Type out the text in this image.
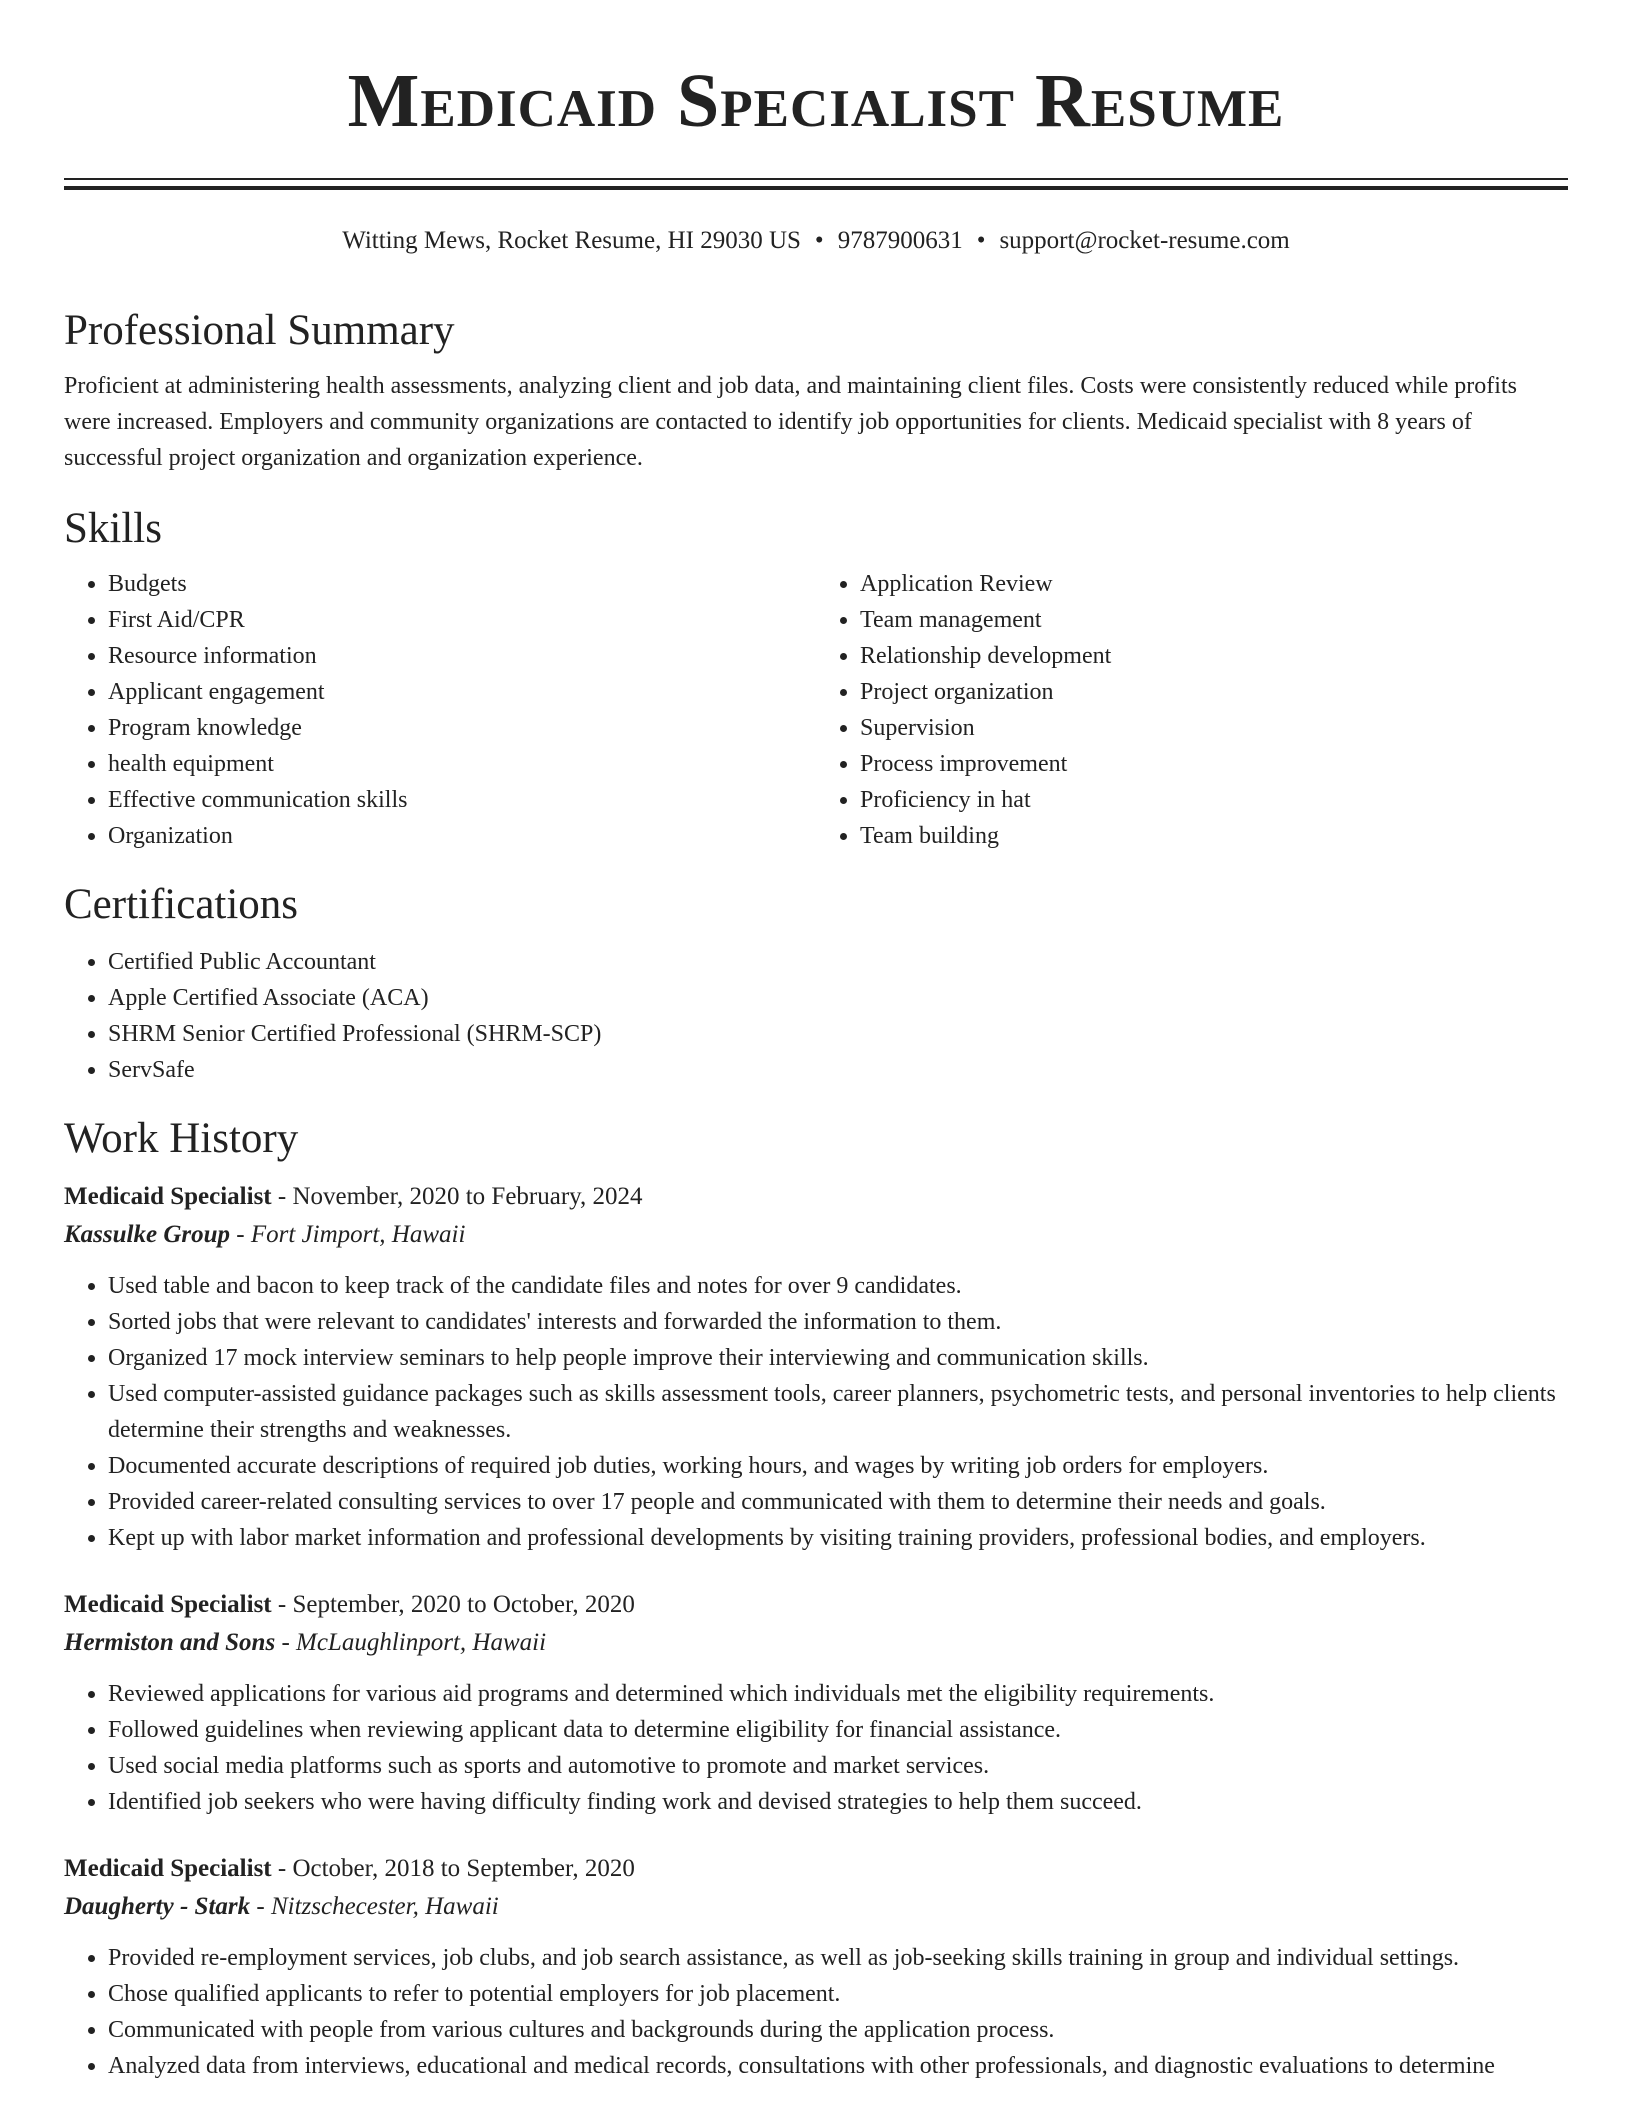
Medicaid Specialist Resume
Witting Mews, Rocket Resume, HI 29030 US • 9787900631 • support@rocket-resume.com
Professional Summary

Proficient at administering health assessments, analyzing client and job data, and maintaining client files. Costs were consistently reduced while profits were increased. Employers and community organizations are contacted to identify job opportunities for clients. Medicaid specialist with 8 years of successful project organization and organization experience.

Skills
• Budgets
• First Aid/CPR
• Resource information
• Applicant engagement
• Program knowledge
• health equipment
• Effective communication skills
• Organization
• Application Review
• Team management
• Relationship development
• Project organization
• Supervision
• Process improvement
• Proficiency in hat
• Team building
Certifications
• Certified Public Accountant
• Apple Certified Associate (ACA)
• SHRM Senior Certified Professional (SHRM-SCP)
• ServSafe
Work History
Medicaid Specialist - November, 2020 to February, 2024
Kassulke Group - Fort Jimport, Hawaii
• Used table and bacon to keep track of the candidate files and notes for over 9 candidates.
• Sorted jobs that were relevant to candidates' interests and forwarded the information to them.
• Organized 17 mock interview seminars to help people improve their interviewing and communication skills.
• Used computer-assisted guidance packages such as skills assessment tools, career planners, psychometric tests, and personal inventories to help clients determine their strengths and weaknesses.
• Documented accurate descriptions of required job duties, working hours, and wages by writing job orders for employers.
• Provided career-related consulting services to over 17 people and communicated with them to determine their needs and goals.
• Kept up with labor market information and professional developments by visiting training providers, professional bodies, and employers.
Medicaid Specialist - September, 2020 to October, 2020
Hermiston and Sons - McLaughlinport, Hawaii
• Reviewed applications for various aid programs and determined which individuals met the eligibility requirements.
• Followed guidelines when reviewing applicant data to determine eligibility for financial assistance.
• Used social media platforms such as sports and automotive to promote and market services.
• Identified job seekers who were having difficulty finding work and devised strategies to help them succeed.
Medicaid Specialist - October, 2018 to September, 2020
Daugherty - Stark - Nitzschecester, Hawaii
• Provided re-employment services, job clubs, and job search assistance, as well as job-seeking skills training in group and individual settings.
• Chose qualified applicants to refer to potential employers for job placement.
• Communicated with people from various cultures and backgrounds during the application process.
• Analyzed data from interviews, educational and medical records, consultations with other professionals, and diagnostic evaluations to determine
